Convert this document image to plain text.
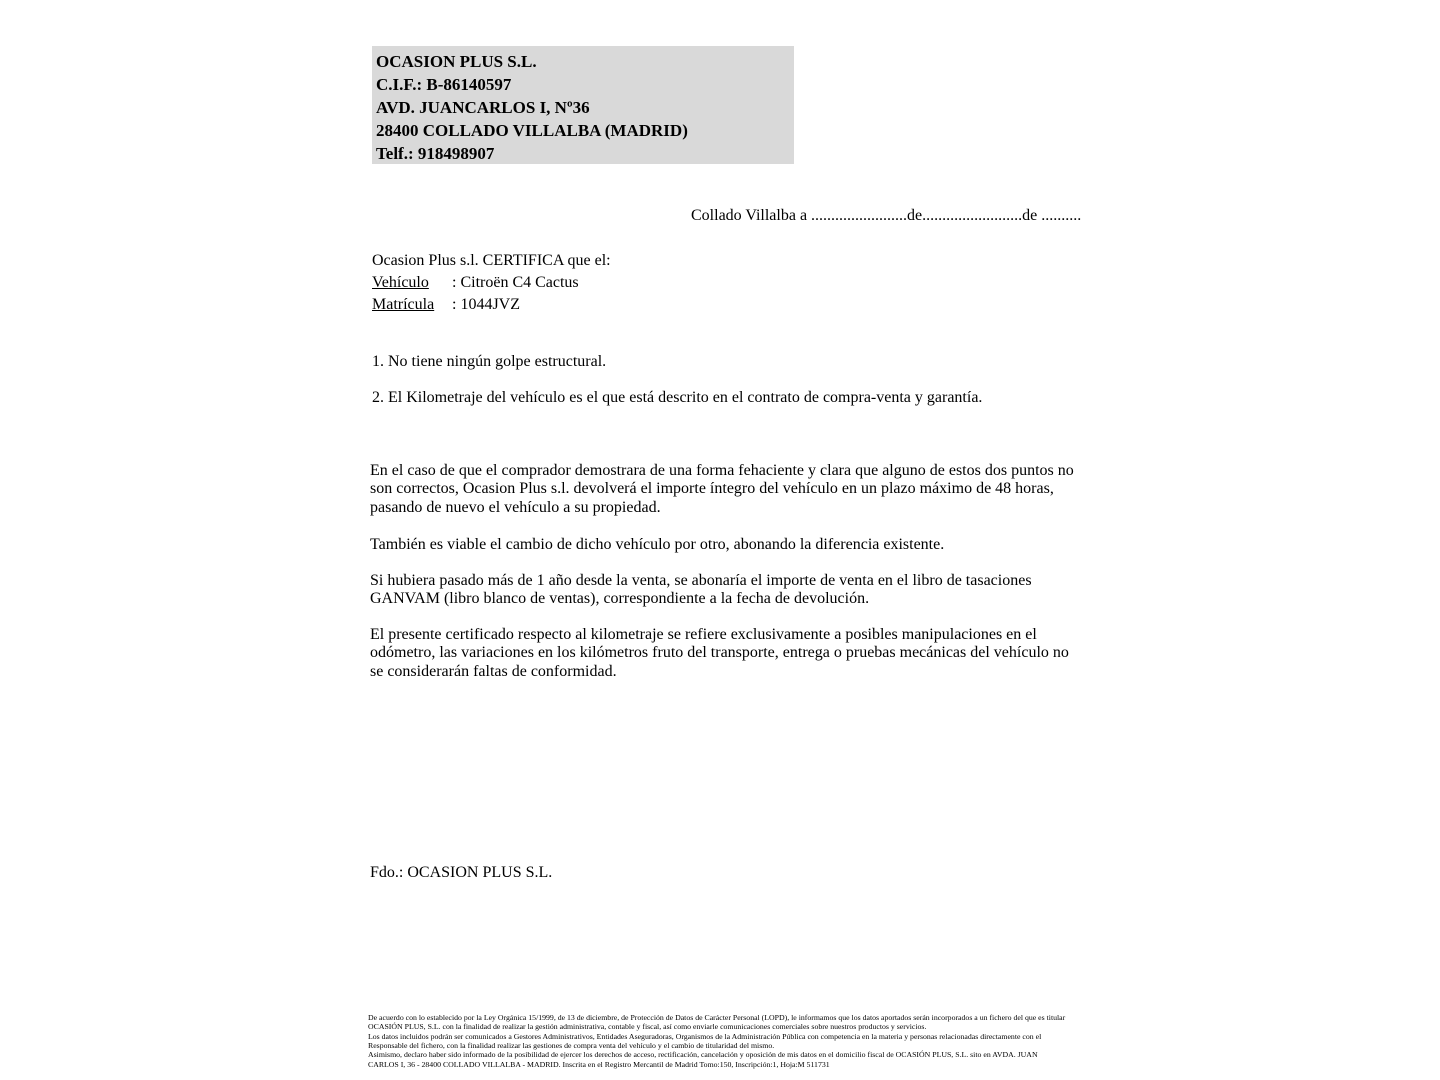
OCASION PLUS S.L.
C.I.F.: B-86140597
AVD. JUANCARLOS I, Nº36
28400 COLLADO VILLALBA (MADRID)
Telf.: 918498907
Collado Villalba a ........................de.........................de ..........
Ocasion Plus s.l. CERTIFICA que el:
Vehículo : Citroën C4 Cactus
Matrícula : 1044JVZ
1. No tiene ningún golpe estructural.
2. El Kilometraje del vehículo es el que está descrito en el contrato de compra-venta y garantía.
En el caso de que el comprador demostrara de una forma fehaciente y clara que alguno de estos dos puntos no son correctos, Ocasion Plus s.l. devolverá el importe íntegro del vehículo en un plazo máximo de 48 horas, pasando de nuevo el vehículo a su propiedad.
También es viable el cambio de dicho vehículo por otro, abonando la diferencia existente.
Si hubiera pasado más de 1 año desde la venta, se abonaría el importe de venta en el libro de tasaciones GANVAM (libro blanco de ventas), correspondiente a la fecha de devolución.
El presente certificado respecto al kilometraje se refiere exclusivamente a posibles manipulaciones en el odómetro, las variaciones en los kilómetros fruto del transporte, entrega o pruebas mecánicas del vehículo no se considerarán faltas de conformidad.
Fdo.: OCASION PLUS S.L.
De acuerdo con lo establecido por la Ley Orgánica 15/1999, de 13 de diciembre, de Protección de Datos de Carácter Personal (LOPD), le informamos que los datos aportados serán incorporados a un fichero del que es titular
OCASIÓN PLUS, S.L. con la finalidad de realizar la gestión administrativa, contable y fiscal, así como enviarle comunicaciones comerciales sobre nuestros productos y servicios.
Los datos incluidos podrán ser comunicados a Gestores Administrativos, Entidades Aseguradoras, Organismos de la Administración Pública con competencia en la materia y personas relacionadas directamente con el
Responsable del fichero, con la finalidad realizar las gestiones de compra venta del vehículo y el cambio de titularidad del mismo.
Asimismo, declaro haber sido informado de la posibilidad de ejercer los derechos de acceso, rectificación, cancelación y oposición de mis datos en el domicilio fiscal de OCASIÓN PLUS, S.L. sito en AVDA. JUAN
CARLOS I, 36 - 28400 COLLADO VILLALBA - MADRID. Inscrita en el Registro Mercantil de Madrid Tomo:150, Inscripción:1, Hoja:M 511731
